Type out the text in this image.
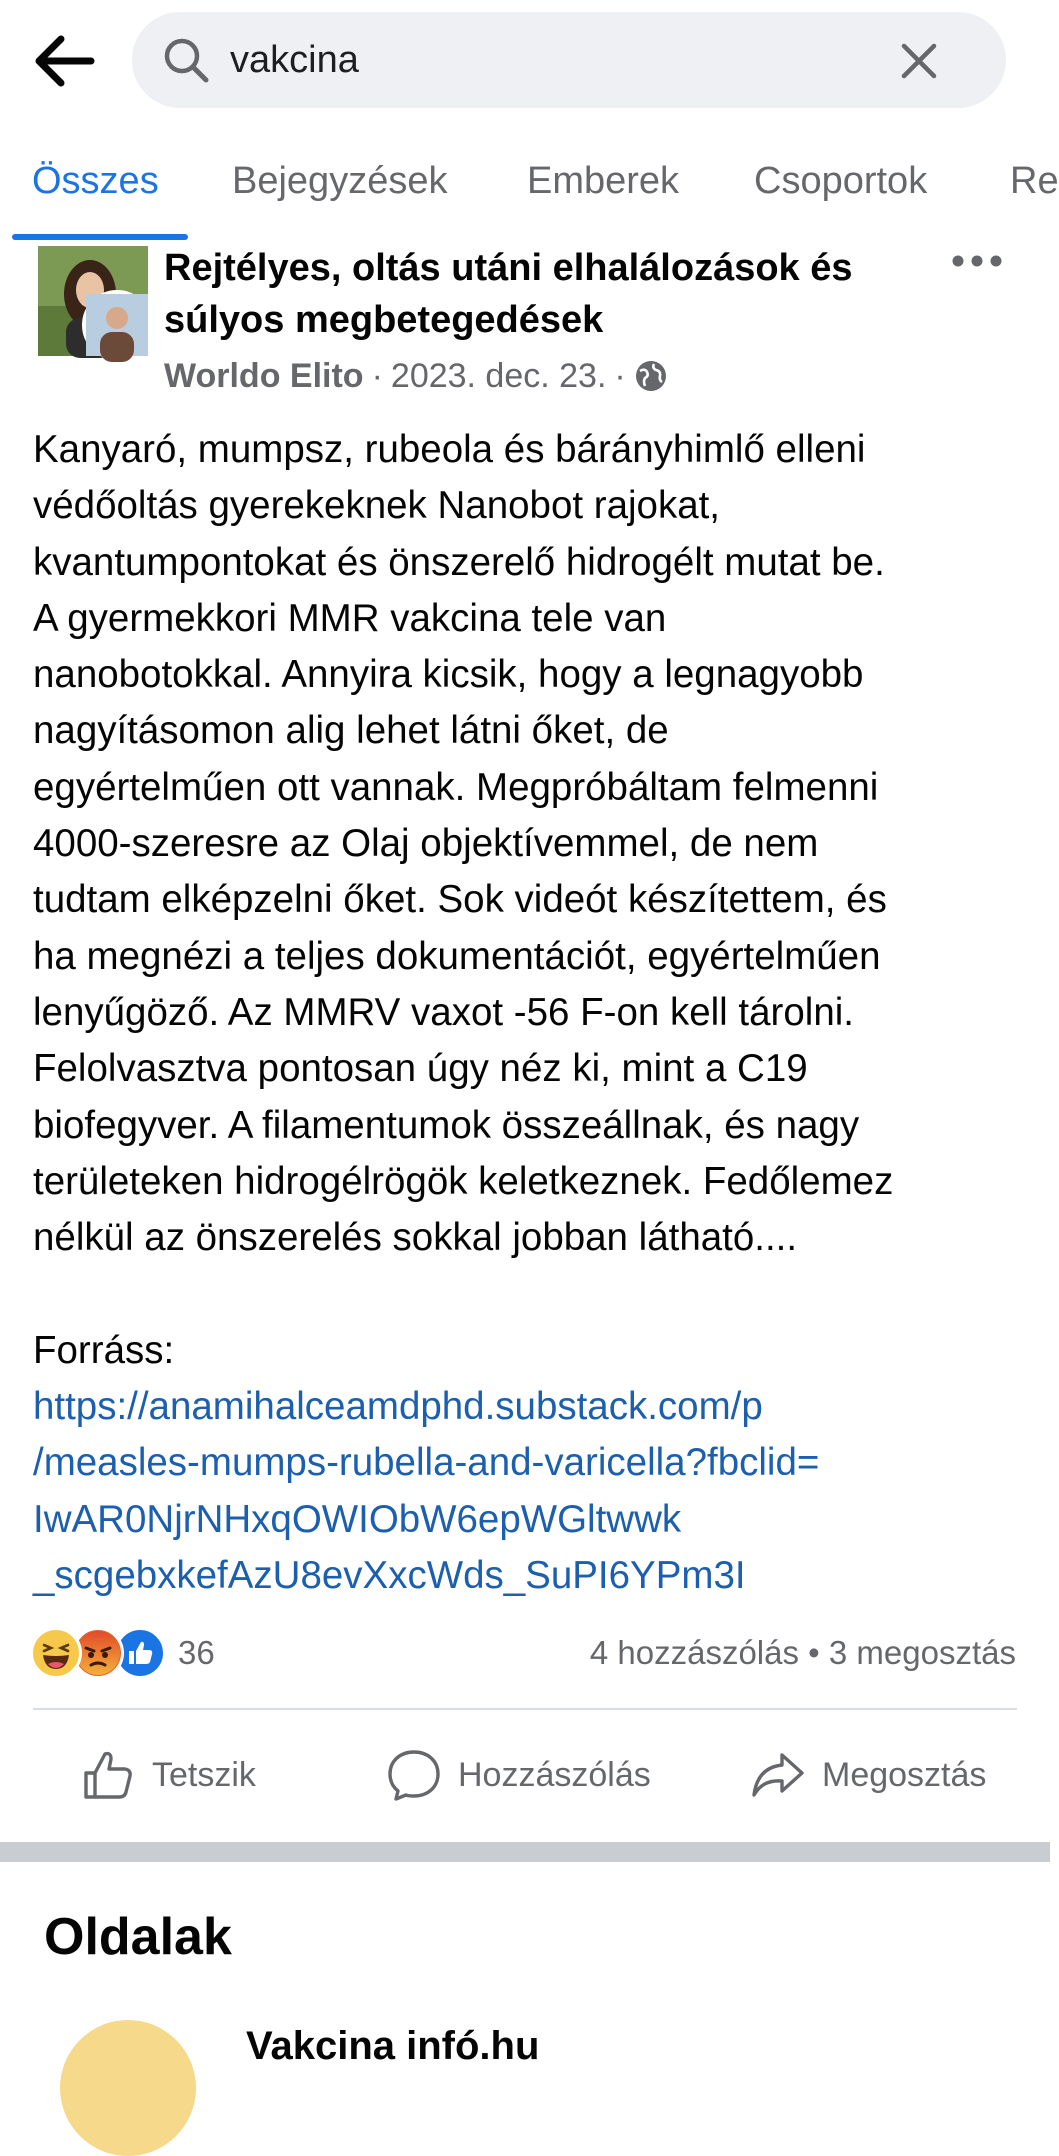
vakcina
Összes Bejegyzések Emberek Csoportok Re
Rejtélyes, oltás utáni elhalálozások és
súlyos megbetegedések
Worldo Elito · 2023. dec. 23. ·
Kanyaró, mumpsz, rubeola és bárányhimlő elleni
védőoltás gyerekeknek Nanobot rajokat,
kvantumpontokat és önszerelő hidrogélt mutat be.
A gyermekkori MMR vakcina tele van
nanobotokkal. Annyira kicsik, hogy a legnagyobb
nagyításomon alig lehet látni őket, de
egyértelműen ott vannak. Megpróbáltam felmenni
4000-szeresre az Olaj objektívemmel, de nem
tudtam elképzelni őket. Sok videót készítettem, és
ha megnézi a teljes dokumentációt, egyértelműen
lenyűgöző. Az MMRV vaxot -56 F-on kell tárolni.
Felolvasztva pontosan úgy néz ki, mint a C19
biofegyver. A filamentumok összeállnak, és nagy
területeken hidrogélrögök keletkeznek. Fedőlemez
nélkül az önszerelés sokkal jobban látható....
Forráss:
https://anamihalceamdphd.substack.com/p
/measles-mumps-rubella-and-varicella?fbclid=
IwAR0NjrNHxqOWIObW6epWGltwwk
_scgebxkefAzU8evXxcWds_SuPI6YPm3I
36	4 hozzászólás • 3 megosztás
Tetszik	Hozzászólás	Megosztás
Oldalak
Vakcina infó.hu
